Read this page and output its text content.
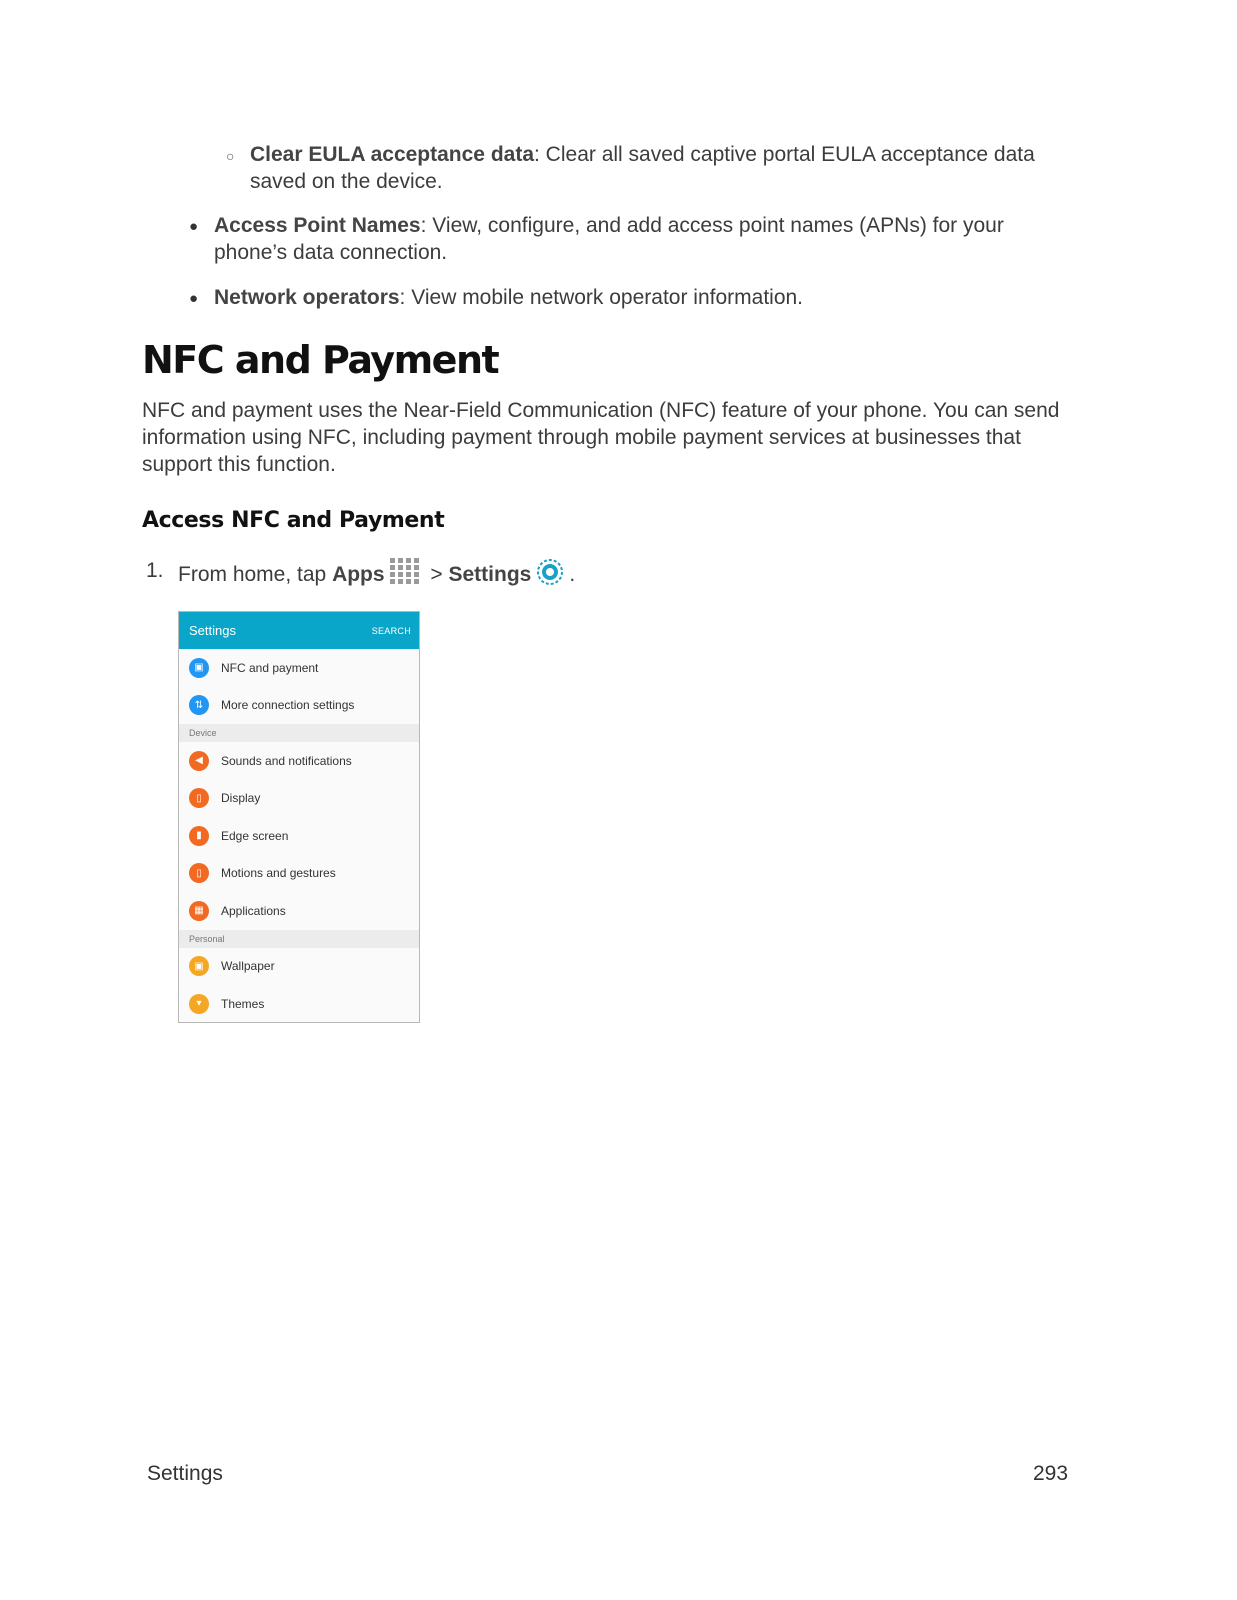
○ Clear EULA acceptance data: Clear all saved captive portal EULA acceptance data
saved on the device.
● Access Point Names: View, configure, and add access point names (APNs) for your
phone’s data connection.
● Network operators: View mobile network operator information.
NFC and Payment
NFC and payment uses the Near-Field Communication (NFC) feature of your phone. You can send
information using NFC, including payment through mobile payment services at businesses that
support this function.
Access NFC and Payment
1. From home, tap Apps > Settings .
Settings	SEARCH
▣	NFC and payment
⇅	More connection settings
Device
◀	Sounds and notifications
▯	Display
▮	Edge screen
▯	Motions and gestures
▦	Applications
Personal
▣	Wallpaper
▾	Themes
Settings	293
